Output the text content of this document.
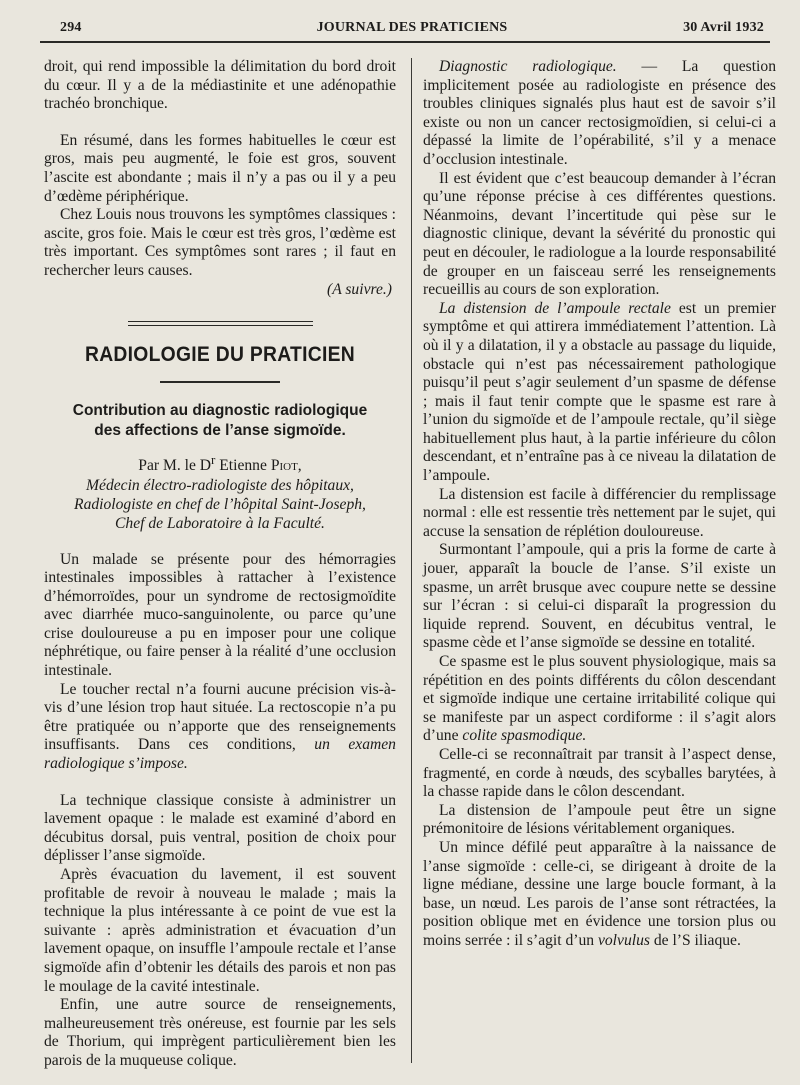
294	JOURNAL DES PRATICIENS	30 Avril 1932

droit, qui rend impossible la délimitation du bord droit du cœur. Il y a de la médiastinite et une adénopathie trachéo bronchique.

En résumé, dans les formes habituelles le cœur est gros, mais peu augmenté, le foie est gros, souvent l’ascite est abondante ; mais il n’y a pas ou il y a peu d’œdème périphérique.

Chez Louis nous trouvons les symptômes classiques : ascite, gros foie. Mais le cœur est très gros, l’œdème est très important. Ces symptômes sont rares ; il faut en rechercher leurs causes.

(A suivre.)
RADIOLOGIE DU PRATICIEN
Contribution au diagnostic radiologique
des affections de l’anse sigmoïde.
Par M. le $D^r$ Etienne Piot,
Médecin électro-radiologiste des hôpitaux,
Radiologiste en chef de l’hôpital Saint-Joseph,
Chef de Laboratoire à la Faculté.

Un malade se présente pour des hémorragies intestinales impossibles à rattacher à l’existence d’hémorroïdes, pour un syndrome de rectosigmoïdite avec diarrhée muco-sanguinolente, ou parce qu’une crise douloureuse a pu en imposer pour une colique néphrétique, ou faire penser à la réalité d’une occlusion intestinale.

Le toucher rectal n’a fourni aucune précision vis-à-vis d’une lésion trop haut située. La rectoscopie n’a pu être pratiquée ou n’apporte que des renseignements insuffisants. Dans ces conditions, un examen radiologique s’impose.

La technique classique consiste à administrer un lavement opaque : le malade est examiné d’abord en décubitus dorsal, puis ventral, position de choix pour déplisser l’anse sigmoïde.

Après évacuation du lavement, il est souvent profitable de revoir à nouveau le malade ; mais la technique la plus intéressante à ce point de vue est la suivante : après administration et évacuation d’un lavement opaque, on insuffle l’ampoule rectale et l’anse sigmoïde afin d’obtenir les détails des parois et non pas le moulage de la cavité intestinale.

Enfin, une autre source de renseignements, malheureusement très onéreuse, est fournie par les sels de Thorium, qui imprègent particulièrement bien les parois de la muqueuse colique.

Diagnostic radiologique. — La question implicitement posée au radiologiste en présence des troubles cliniques signalés plus haut est de savoir s’il existe ou non un cancer rectosigmoïdien, si celui-ci a dépassé la limite de l’opérabilité, s’il y a menace d’occlusion intestinale.

Il est évident que c’est beaucoup demander à l’écran qu’une réponse précise à ces différentes questions. Néanmoins, devant l’incertitude qui pèse sur le diagnostic clinique, devant la sévérité du pronostic qui peut en découler, le radiologue a la lourde responsabilité de grouper en un faisceau serré les renseignements recueillis au cours de son exploration.

La distension de l’ampoule rectale est un premier symptôme et qui attirera immédiatement l’attention. Là où il y a dilatation, il y a obstacle au passage du liquide, obstacle qui n’est pas nécessairement pathologique puisqu’il peut s’agir seulement d’un spasme de défense ; mais il faut tenir compte que le spasme est rare à l’union du sigmoïde et de l’ampoule rectale, qu’il siège habituellement plus haut, à la partie inférieure du côlon descendant, et n’entraîne pas à ce niveau la dilatation de l’ampoule.

La distension est facile à différencier du remplissage normal : elle est ressentie très nettement par le sujet, qui accuse la sensation de réplétion douloureuse.

Surmontant l’ampoule, qui a pris la forme de carte à jouer, apparaît la boucle de l’anse. S’il existe un spasme, un arrêt brusque avec coupure nette se dessine sur l’écran : si celui-ci disparaît la progression du liquide reprend. Souvent, en décubitus ventral, le spasme cède et l’anse sigmoïde se dessine en totalité.

Ce spasme est le plus souvent physiologique, mais sa répétition en des points différents du côlon descendant et sigmoïde indique une certaine irritabilité colique qui se manifeste par un aspect cordiforme : il s’agit alors d’une colite spasmodique.

Celle-ci se reconnaîtrait par transit à l’aspect dense, fragmenté, en corde à nœuds, des scyballes barytées, à la chasse rapide dans le côlon descendant.

La distension de l’ampoule peut être un signe prémonitoire de lésions véritablement organiques.

Un mince défilé peut apparaître à la naissance de l’anse sigmoïde : celle-ci, se dirigeant à droite de la ligne médiane, dessine une large boucle formant, à la base, un nœud. Les parois de l’anse sont rétractées, la position oblique met en évidence une torsion plus ou moins serrée : il s’agit d’un volvulus de l’S iliaque.
